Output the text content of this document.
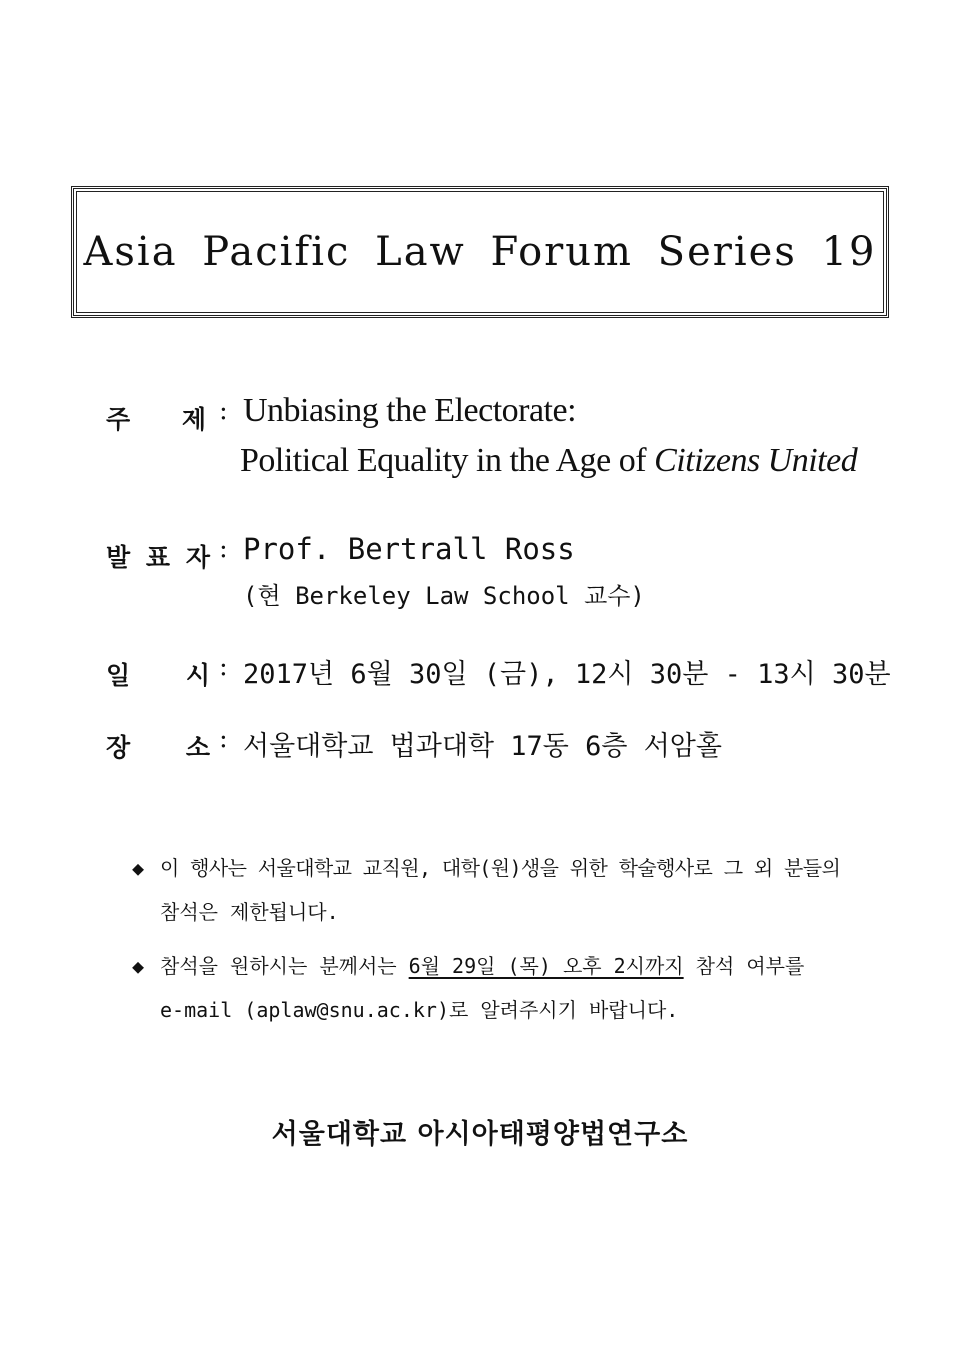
Asia Pacific Law Forum Series 19
주 제 : Unbiasing the Electorate:
Political Equality in the Age of Citizens United
발 표 자 : Prof. Bertrall Ross
(현 Berkeley Law School 교수)
일 시 : 2017년 6월 30일 (금), 12시 30분 - 13시 30분
장 소 : 서울대학교 법과대학 17동 6층 서암홀
◆ 이 행사는 서울대학교 교직원, 대학(원)생을 위한 학술행사로 그 외 분들의
참석은 제한됩니다.
◆ 참석을 원하시는 분께서는 6월 29일 (목) 오후 2시까지 참석 여부를
e-mail (aplaw@snu.ac.kr)로 알려주시기 바랍니다.
서울대학교 아시아태평양법연구소
